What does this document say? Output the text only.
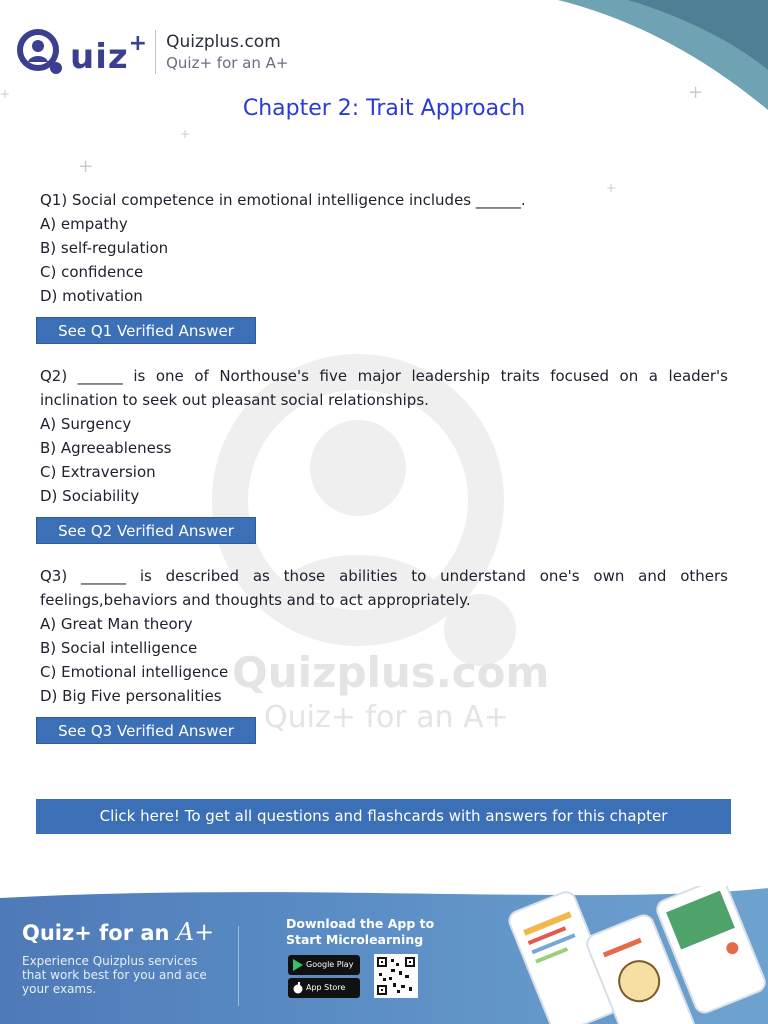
uiz + Quizplus.com
Quiz+ for an A+
+
+
+
+
+
Quizplus.com
Quiz+ for an A+
Chapter 2: Trait Approach
Q1) Social competence in emotional intelligence includes ______.
A) empathy
B) self-regulation
C) confidence
D) motivation
See Q1 Verified Answer
Q2) ______ is one of Northouse's five major leadership traits focused on a leader's inclination to seek out pleasant social relationships.
A) Surgency
B) Agreeableness
C) Extraversion
D) Sociability
See Q2 Verified Answer
Q3) ______ is described as those abilities to understand one's own and others feelings,behaviors and thoughts and to act appropriately.
A) Great Man theory
B) Social intelligence
C) Emotional intelligence
D) Big Five personalities
See Q3 Verified Answer
Click here! To get all questions and flashcards with answers for this chapter
Quiz+ for an A+
Experience Quizplus services that work best for you and ace your exams.
Download the App to Start Microlearning
Google Play
App Store
